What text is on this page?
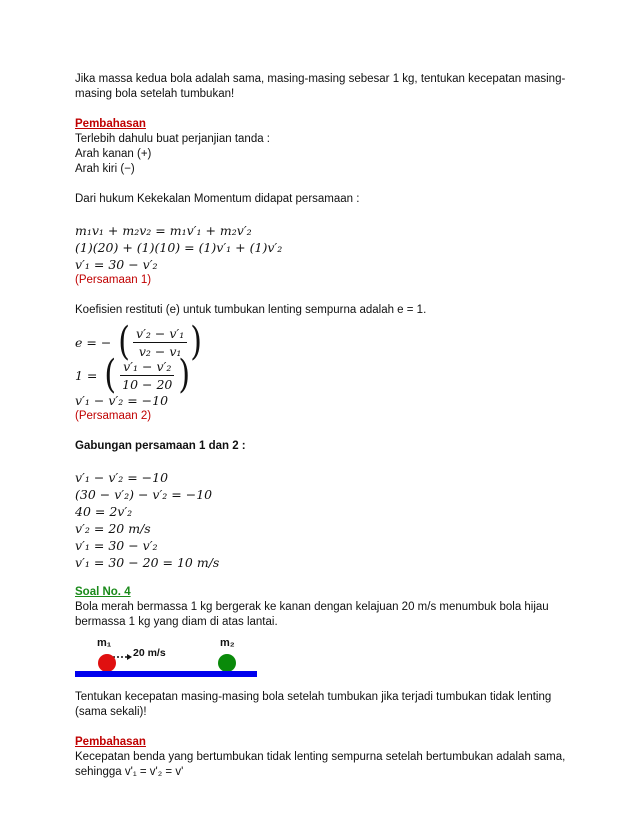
Jika massa kedua bola adalah sama, masing-masing sebesar 1 kg, tentukan kecepatan masing-masing bola setelah tumbukan!

Pembahasan

Terlebih dahulu buat perjanjian tanda :

Arah kanan (+)

Arah kiri (−)

Dari hukum Kekekalan Momentum didapat persamaan :

m₁v₁ + m₂v₂ = m₁v′₁ + m₂v′₂
(1)(20) + (1)(10) = (1)v′₁ + (1)v′₂
v′₁ = 30 − v′₂

(Persamaan 1)

Koefisien restituti (e) untuk tumbukan lenting sempurna adalah e = 1.

e = − ( $\frac{\text{v′₂ − v′₁}}{\text{v₂ − v₁}}$ )
1 = ( $\frac{\text{v′₁ − v′₂}}{10 - 20}$ )
v′₁ − v′₂ = −10

(Persamaan 2)

Gabungan persamaan 1 dan 2 :

v′₁ − v′₂ = −10
(30 − v′₂) − v′₂ = −10
40 = 2v′₂
v′₂ = 20 m/s
v′₁ = 30 − v′₂
v′₁ = 30 − 20 = 10 m/s

Soal No. 4

Bola merah bermassa 1 kg bergerak ke kanan dengan kelajuan 20 m/s menumbuk bola hijau bermassa 1 kg yang diam di atas lantai.

m₁	m₂
20 m/s

Tentukan kecepatan masing-masing bola setelah tumbukan jika terjadi tumbukan tidak lenting (sama sekali)!

Pembahasan

Kecepatan benda yang bertumbukan tidak lenting sempurna setelah bertumbukan adalah sama, sehingga v'₁ = v'₂ = v'
